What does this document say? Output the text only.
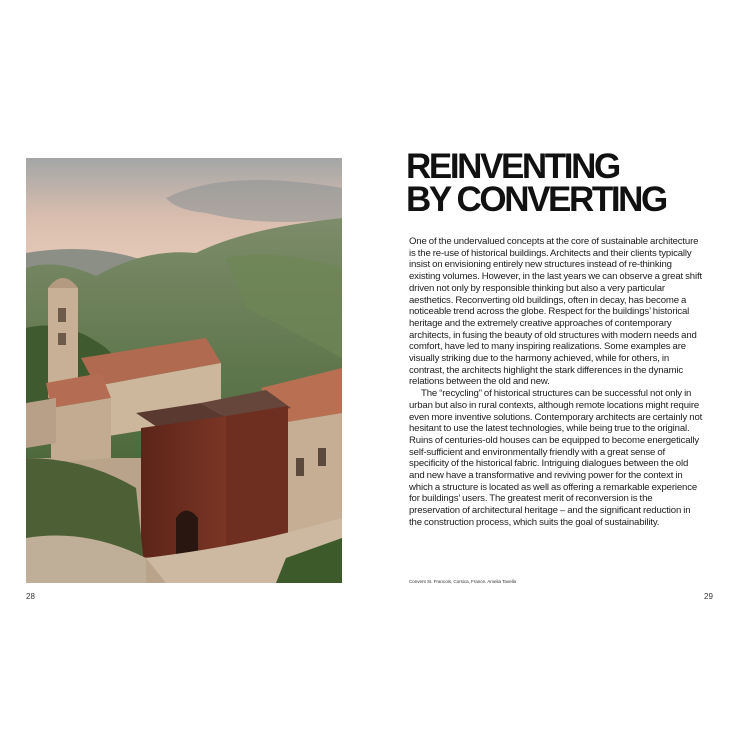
28
REINVENTING
BY CONVERTING

One of the undervalued concepts at the core of sustainable architecture is the re-use of historical buildings. Architects and their clients typically insist on envisioning entirely new structures instead of re-thinking existing volumes. However, in the last years we can observe a great shift driven not only by responsible thinking but also a very particular aesthetics. Reconverting old buildings, often in decay, has become a noticeable trend across the globe. Respect for the buildings’ historical heritage and the extremely creative approaches of contemporary architects, in fusing the beauty of old structures with modern needs and comfort, have led to many inspiring realizations. Some examples are visually striking due to the harmony achieved, while for others, in contrast, the architects highlight the stark differences in the dynamic relations between the old and new.

The “recycling” of historical structures can be successful not only in urban but also in rural contexts, although remote locations might require even more inventive solutions. Contemporary architects are certainly not hesitant to use the latest technologies, while being true to the original. Ruins of centuries-old houses can be equipped to become energetically self-sufficient and environmentally friendly with a great sense of specificity of the historical fabric. Intriguing dialogues between the old and new have a transformative and reviving power for the context in which a structure is located as well as offering a remarkable experience for buildings’ users. The greatest merit of reconversion is the preservation of architectural heritage – and the significant reduction in the construction process, which suits the goal of sustainability.

Convent St. Francois, Corsica, France. Amelia Tavella
29
